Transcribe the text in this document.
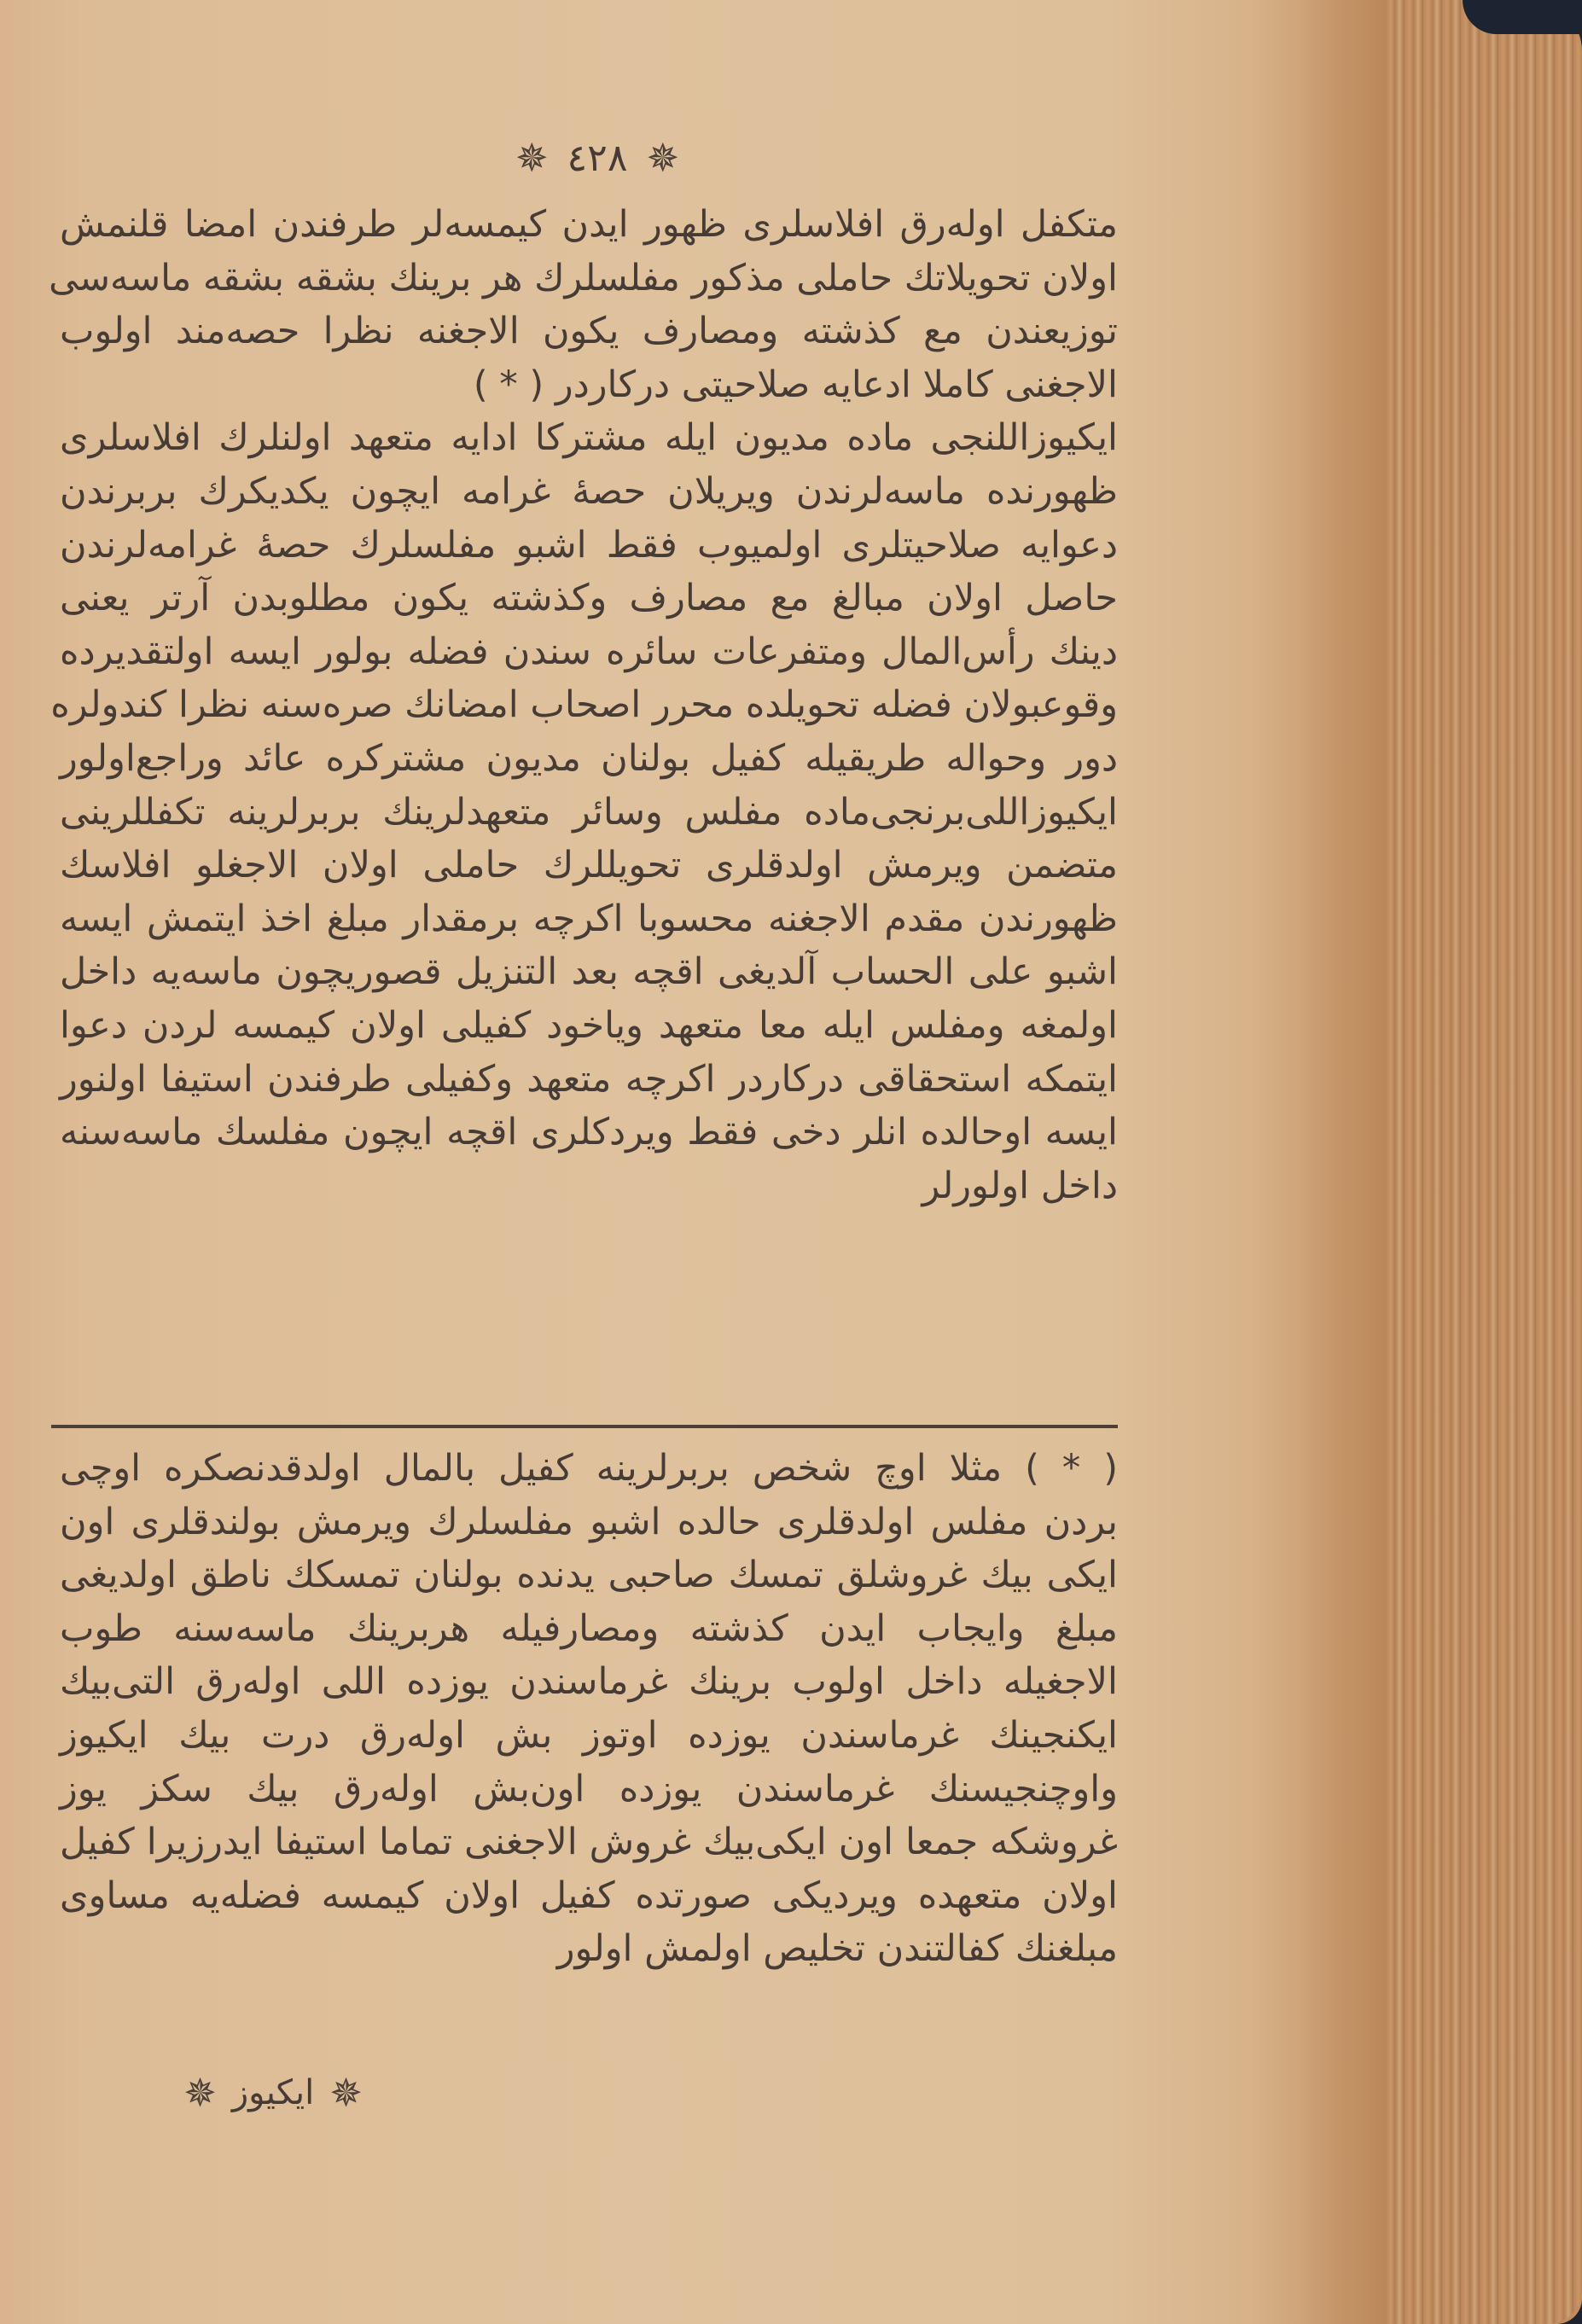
✵ ٤٢٨ ✵
متكفل اوله‌رق افلاسلری ظهور ایدن کیمسه‌لر طرفندن امضا قلنمش
اولان تحویلاتك حاملی مذکور مفلسلرك هر برینك بشقه بشقه ماسه‌سی
توزیعندن مع کذشته ومصارف یکون الاجغنه نظرا حصه‌مند اولوب
الاجغنی کاملا ادعایه صلاحیتی درکاردر ( * )
ایکیوزاللنجی ماده مدیون ایله مشترکا ادایه متعهد اولنلرك افلاسلری
ظهورنده ماسه‌لرندن ویریلان حصهٔ غرامه ایچون یکدیکرك بربرندن
دعوایه صلاحیتلری اولمیوب فقط اشبو مفلسلرك حصهٔ غرامه‌لرندن
حاصل اولان مبالغ مع مصارف وکذشته یکون مطلوبدن آرتر یعنی
دینك رأس‌المال ومتفرعات سائره سندن فضله بولور ایسه اولتقدیرده
وقوعبولان فضله تحویلده محرر اصحاب امضانك صره‌سنه نظرا کندولره
دور وحواله طریقیله کفیل بولنان مدیون مشترکره عائد وراجع‌اولور
ایکیوزاللی‌برنجی‌ماده مفلس وسائر متعهدلرینك بربرلرینه تکفللرینی
متضمن ویرمش اولدقلری تحویللرك حاملی اولان الاجغلو افلاسك
ظهورندن مقدم الاجغنه محسوبا اکرچه برمقدار مبلغ اخذ ایتمش ایسه
اشبو علی الحساب آلدیغی اقچه بعد التنزیل قصوریچون ماسه‌یه داخل
اولمغه ومفلس ایله معا متعهد ویاخود کفیلی اولان کیمسه لردن دعوا
ایتمکه استحقاقی درکاردر اکرچه متعهد وکفیلی طرفندن استیفا اولنور
ایسه اوحالده انلر دخی فقط ویردکلری اقچه ایچون مفلسك ماسه‌سنه
داخل اولورلر
( * ) مثلا اوچ شخص بربرلرینه کفیل بالمال اولدقدنصکره اوچی
بردن مفلس اولدقلری حالده اشبو مفلسلرك ویرمش بولندقلری اون
ایکی بیك غروشلق تمسك صاحبی یدنده بولنان تمسکك ناطق اولدیغی
مبلغ وایجاب ایدن کذشته ومصارفیله هربرینك ماسه‌سنه طوب
الاجغیله داخل اولوب برینك غرماسندن یوزده اللی اوله‌رق التی‌بیك
ایکنجینك غرماسندن یوزده اوتوز بش اوله‌رق درت بیك ایکیوز
واوچنجیسنك غرماسندن یوزده اون‌بش اوله‌رق بیك سکز یوز
غروشکه جمعا اون ایکی‌بیك غروش الاجغنی تماما استیفا ایدرزیرا کفیل
اولان متعهده ویردیکی صورتده کفیل اولان کیمسه فضله‌یه مساوی
مبلغنك کفالتندن تخلیص اولمش اولور
✵
ایکیوز
✵
